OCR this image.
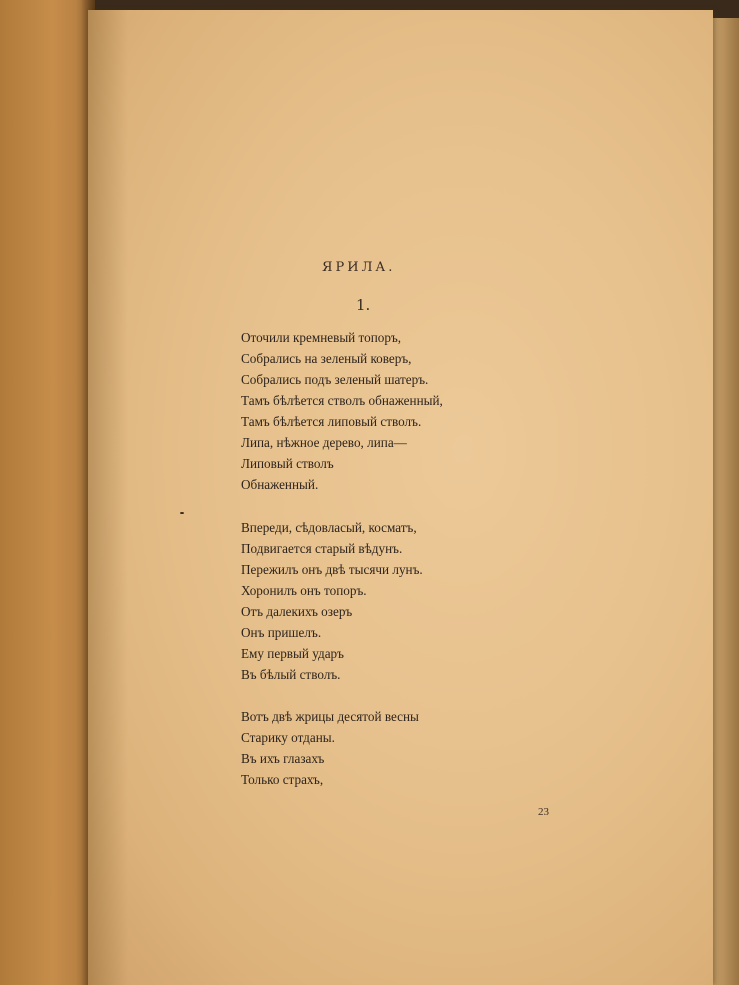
ЯРИЛА.
1.
Оточили кремневый топоръ,
Собрались на зеленый коверъ,
Собрались подъ зеленый шатеръ.
Тамъ бѣлѣется стволъ обнаженный,
Тамъ бѣлѣется липовый стволъ.
Липа, нѣжное дерево, липа—
Липовый стволъ
Обнаженный.
Впереди, сѣдовласый, косматъ,
Подвигается старый вѣдунъ.
Пережилъ онъ двѣ тысячи лунъ.
Хоронилъ онъ топоръ.
Отъ далекихъ озеръ
Онъ пришелъ.
Ему первый ударъ
Въ бѣлый стволъ.
Вотъ двѣ жрицы десятой весны
Старику отданы.
Въ ихъ глазахъ
Только страхъ,
23
